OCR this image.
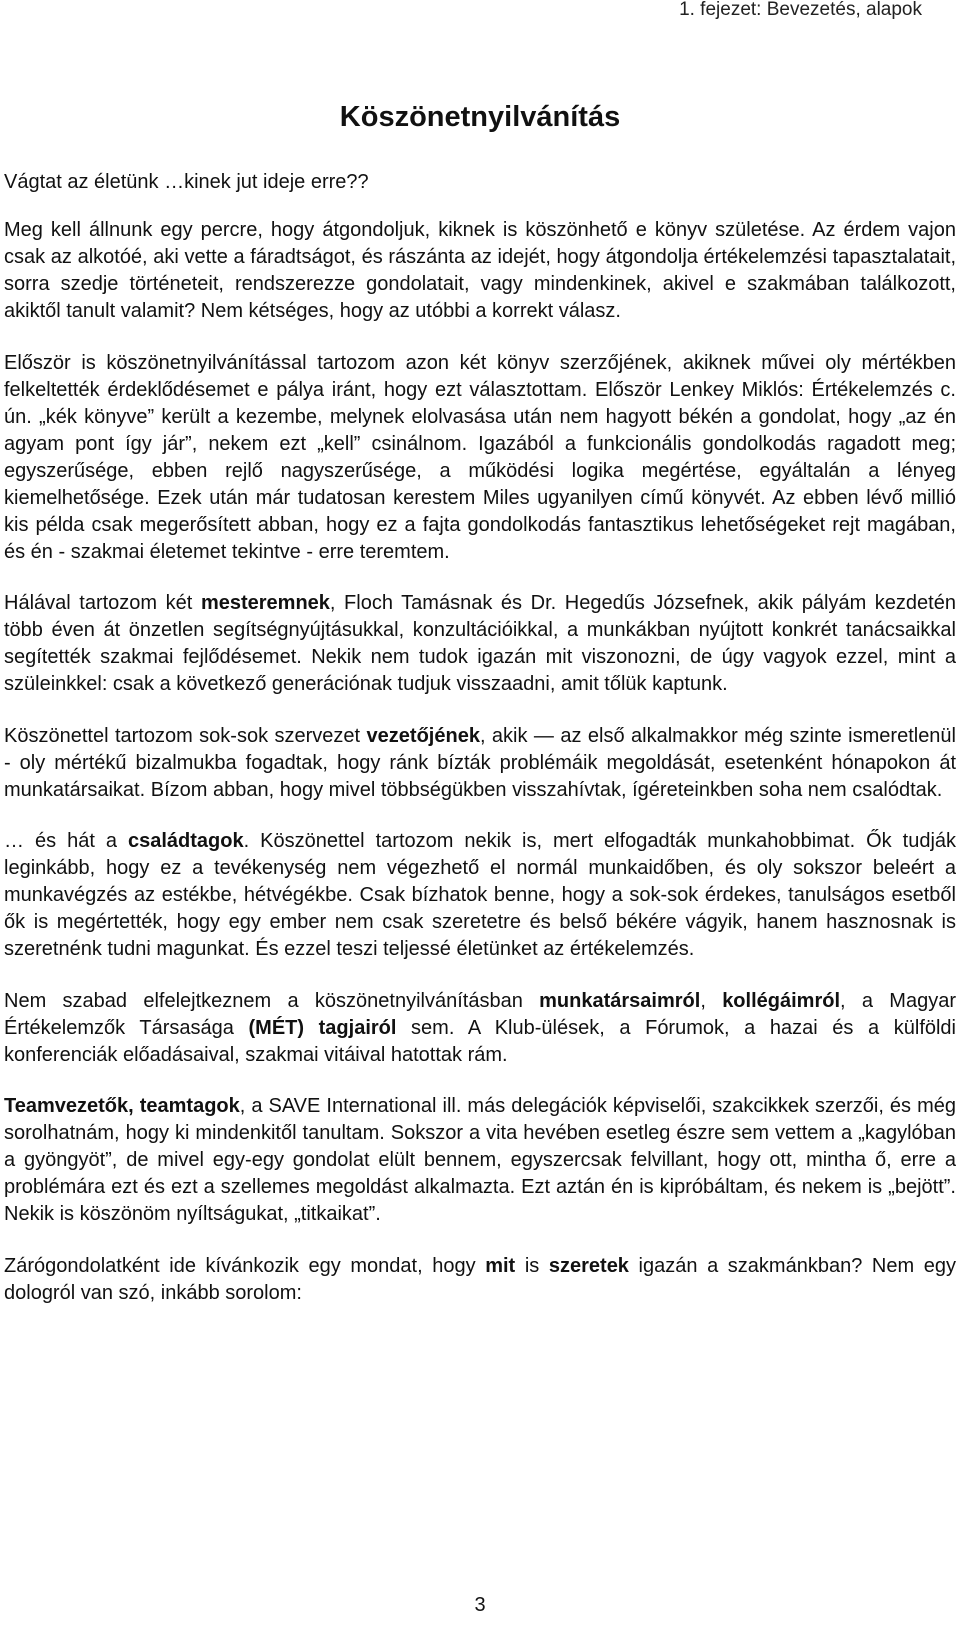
1. fejezet: Bevezetés, alapok
Köszönetnyilvánítás

Vágtat az életünk …kinek jut ideje erre??

Meg kell állnunk egy percre, hogy átgondoljuk, kiknek is köszönhető e könyv születése. Az érdem vajon csak az alkotóé, aki vette a fáradtságot, és rászánta az idejét, hogy átgondolja értékelemzési tapasztalatait, sorra szedje történeteit, rendszerezze gondolatait, vagy mindenkinek, akivel e szakmában találkozott, akiktől tanult valamit? Nem kétséges, hogy az utóbbi a korrekt válasz.

Először is köszönetnyilvánítással tartozom azon két könyv szerzőjének, akiknek művei oly mértékben felkeltették érdeklődésemet e pálya iránt, hogy ezt választottam. Először Lenkey Miklós: Értékelemzés c. ún. „kék könyve” került a kezembe, melynek elolvasása után nem hagyott békén a gondolat, hogy „az én agyam pont így jár”, nekem ezt „kell” csinálnom. Igazából a funkcionális gondolkodás ragadott meg; egyszerűsége, ebben rejlő nagyszerűsége, a működési logika megértése, egyáltalán a lényeg kiemelhetősége. Ezek után már tudatosan kerestem Miles ugyanilyen című könyvét. Az ebben lévő millió kis példa csak megerősített abban, hogy ez a fajta gondolkodás fantasztikus lehetőségeket rejt magában, és én - szakmai életemet tekintve - erre teremtem.

Hálával tartozom két mesteremnek, Floch Tamásnak és Dr. Hegedűs Józsefnek, akik pályám kezdetén több éven át önzetlen segítségnyújtásukkal, konzultációikkal, a munkákban nyújtott konkrét tanácsaikkal segítették szakmai fejlődésemet. Nekik nem tudok igazán mit viszonozni, de úgy vagyok ezzel, mint a szüleinkkel: csak a következő generációnak tudjuk visszaadni, amit tőlük kaptunk.

Köszönettel tartozom sok-sok szervezet vezetőjének, akik — az első alkalmakkor még szinte ismeretlenül - oly mértékű bizalmukba fogadtak, hogy ránk bízták problémáik megoldását, esetenként hónapokon át munkatársaikat. Bízom abban, hogy mivel többségükben visszahívtak, ígéreteinkben soha nem csalódtak.

… és hát a családtagok. Köszönettel tartozom nekik is, mert elfogadták munkahobbimat. Ők tudják leginkább, hogy ez a tevékenység nem végezhető el normál munkaidőben, és oly sokszor beleért a munkavégzés az estékbe, hétvégékbe. Csak bízhatok benne, hogy a sok-sok érdekes, tanulságos esetből ők is megértették, hogy egy ember nem csak szeretetre és belső békére vágyik, hanem hasznosnak is szeretnénk tudni magunkat. És ezzel teszi teljessé életünket az értékelemzés.

Nem szabad elfelejtkeznem a köszönetnyilvánításban munkatársaimról, kollégáimról, a Magyar Értékelemzők Társasága (MÉT) tagjairól sem. A Klub-ülések, a Fórumok, a hazai és a külföldi konferenciák előadásaival, szakmai vitáival hatottak rám.

Teamvezetők, teamtagok, a SAVE International ill. más delegációk képviselői, szakcikkek szerzői, és még sorolhatnám, hogy ki mindenkitől tanultam. Sokszor a vita hevében esetleg észre sem vettem a „kagylóban a gyöngyöt”, de mivel egy-egy gondolat elült bennem, egyszercsak felvillant, hogy ott, mintha ő, erre a problémára ezt és ezt a szellemes megoldást alkalmazta. Ezt aztán én is kipróbáltam, és nekem is „bejött”. Nekik is köszönöm nyíltságukat, „titkaikat”.

Zárógondolatként ide kívánkozik egy mondat, hogy mit is szeretek igazán a szakmánkban? Nem egy dologról van szó, inkább sorolom:

3
